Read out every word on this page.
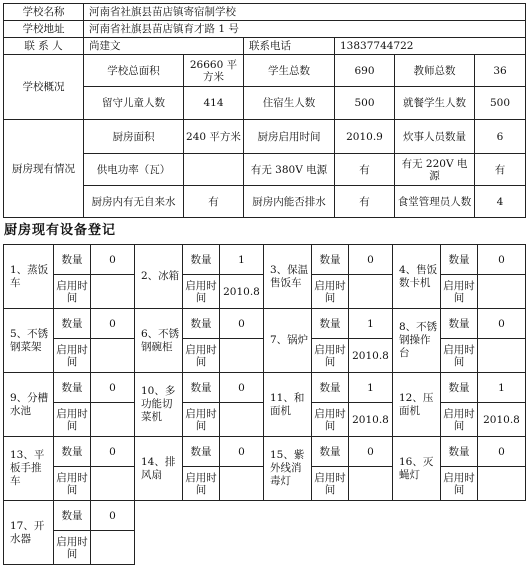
学校名称	河南省社旗县苗店镇寄宿制学校					
学校地址	河南省社旗县苗店镇育才路 1 号					
联 系 人	尚建文		联系电话	13837744722		
学校概况	学校总面积	26660 平方米	学生总数	690	教师总数	36
	留守儿童人数	414	住宿生人数	500	就餐学生人数	500
厨房现有情况	厨房面积	240 平方米	厨房启用时间	2010.9	炊事人员数量	6
	供电功率（瓦）		有无 380V 电源	有	有无 220V 电源	有
	厨房内有无自来水	有	厨房内能否排水	有	食堂管理员人数	4
厨房现有设备登记
1、蒸饭车	数量	0	2、冰箱	数量	1	3、保温售饭车	数量	0	4、售饭数卡机	数量	0
	启用时间			启用时间	2010.8		启用时间			启用时间	
5、不锈钢菜架	数量	0	6、不锈钢碗柜	数量	0	7、锅炉	数量	1	8、不锈钢操作台	数量	0
	启用时间			启用时间			启用时间	2010.8		启用时间	
9、分槽水池	数量	0	10、多功能切菜机	数量	0	11、和面机	数量	1	12、压面机	数量	1
	启用时间			启用时间			启用时间	2010.8		启用时间	2010.8
13、平板手推车	数量	0	14、排风扇	数量	0	15、紫外线消毒灯	数量	0	16、灭蝇灯	数量	0
	启用时间			启用时间			启用时间			启用时间	
17、开水器	数量	0									
	启用时间										
